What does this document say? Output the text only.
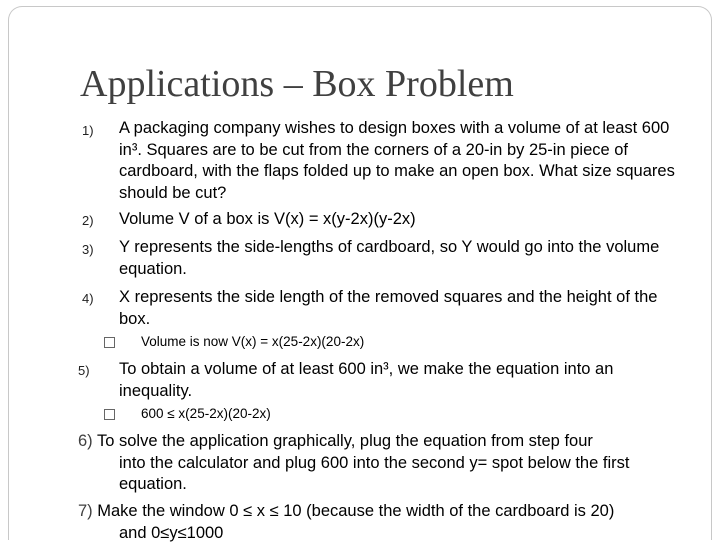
Applications – Box Problem
1) A packaging company wishes to design boxes with a volume of at least 600 in³. Squares are to be cut from the corners of a 20-in by 25-in piece of cardboard, with the flaps folded up to make an open box. What size squares should be cut?
2) Volume V of a box is V(x) = x(y-2x)(y-2x)
3) Y represents the side-lengths of cardboard, so Y would go into the volume equation.
4) X represents the side length of the removed squares and the height of the box.
Volume is now V(x) = x(25-2x)(20-2x)
5) To obtain a volume of at least 600 in³, we make the equation into an inequality.
600 ≤ x(25-2x)(20-2x)
6) To solve the application graphically, plug the equation from step four
into the calculator and plug 600 into the second y= spot below the first
equation.
7) Make the window 0 ≤ x ≤ 10 (because the width of the cardboard is 20)
and 0≤y≤1000
